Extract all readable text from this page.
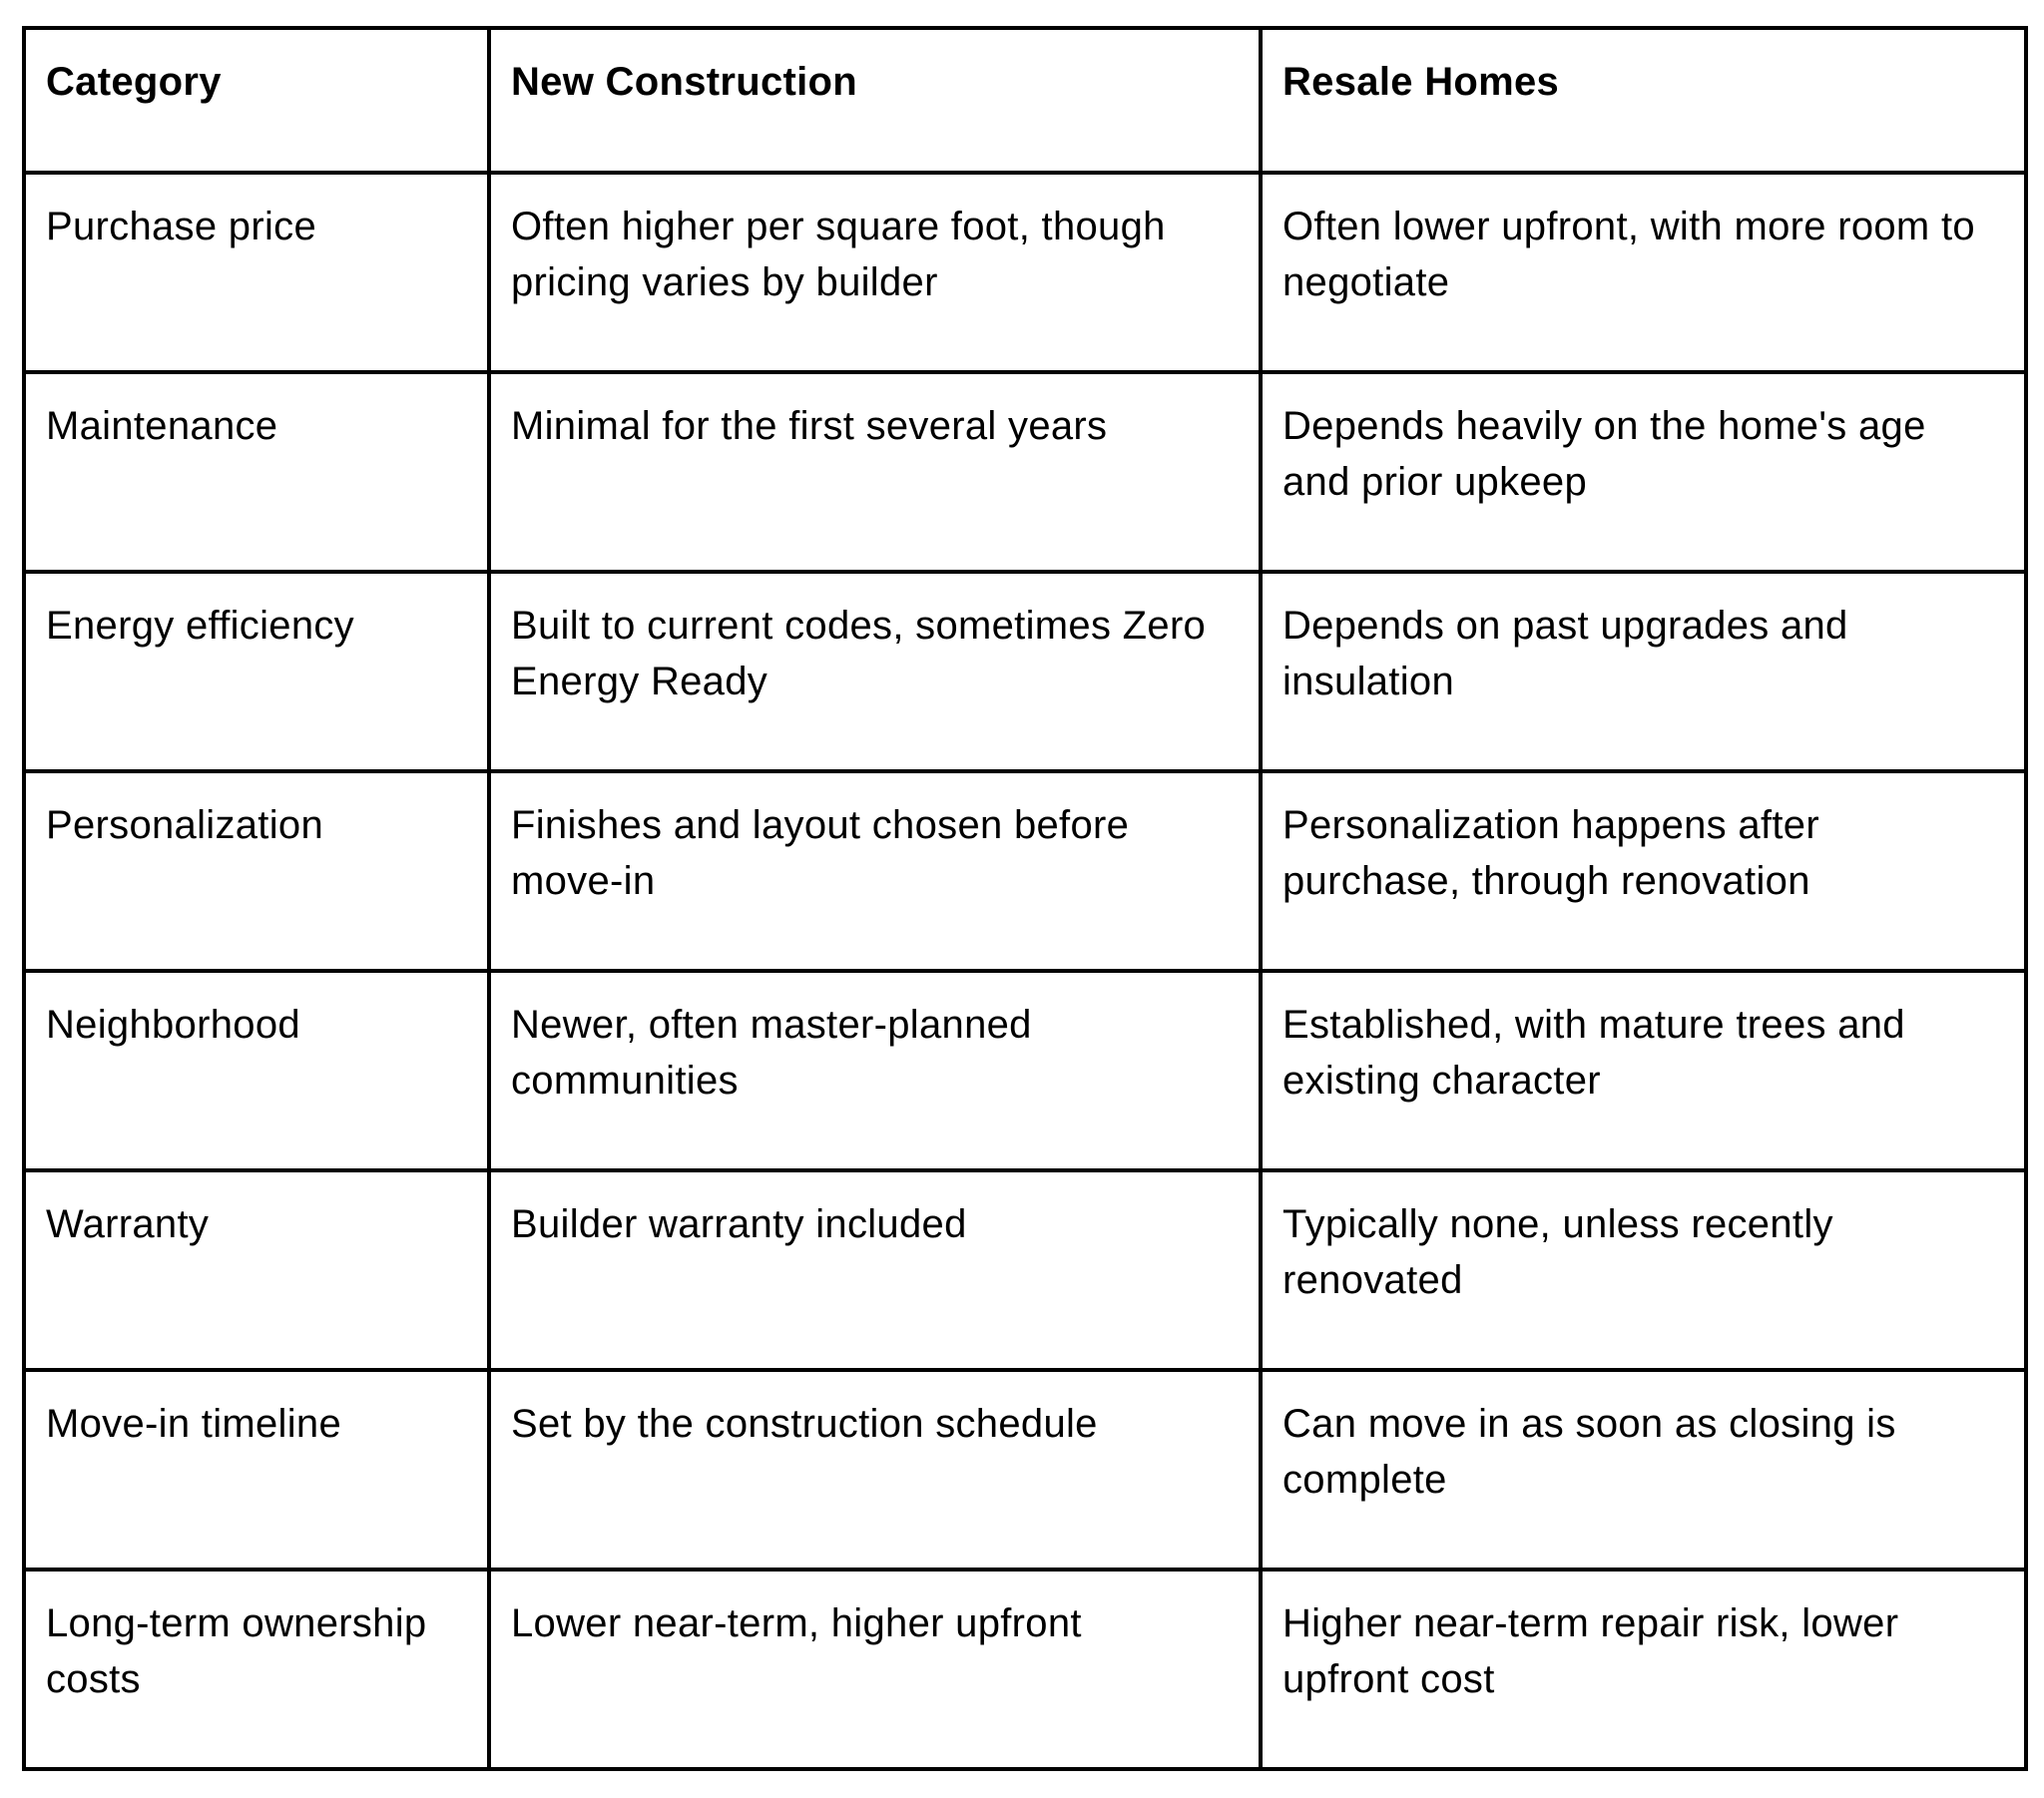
Category	New Construction	Resale Homes
Purchase price	Often higher per square foot, though pricing varies by builder	Often lower upfront, with more room to negotiate
Maintenance	Minimal for the first several years	Depends heavily on the home's age and prior upkeep
Energy efficiency	Built to current codes, sometimes Zero Energy Ready	Depends on past upgrades and insulation
Personalization	Finishes and layout chosen before move-in	Personalization happens after purchase, through renovation
Neighborhood	Newer, often master-planned communities	Established, with mature trees and existing character
Warranty	Builder warranty included	Typically none, unless recently renovated
Move-in timeline	Set by the construction schedule	Can move in as soon as closing is complete
Long-term ownership costs	Lower near-term, higher upfront	Higher near-term repair risk, lower upfront cost
